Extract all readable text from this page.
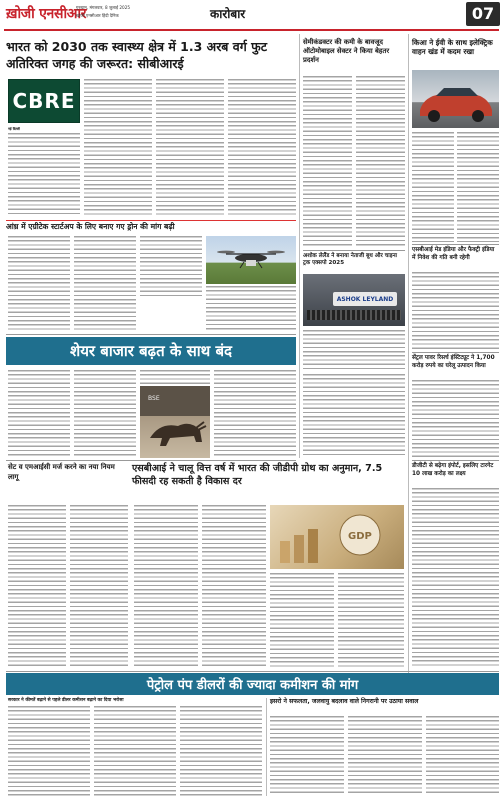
ख़ोजी एनसीआर
गुरुग्राम, मंगलवार, 8 जुलाई 2025
खोजी एनसीआर हिंदी दैनिक	कारोबार	07
भारत को 2030 तक स्वास्थ्य क्षेत्र में 1.3 अरब वर्ग फुट अतिरिक्त जगह की जरूरत: सीबीआरई
CBRE
नई दिल्ली
आंध्र में एग्रीटेक स्टार्टअप के लिए बनाए गए ड्रोन की मांग बढ़ी
शेयर बाजार बढ़त के साथ बंद
BSE
सेट व एमआईसी मर्ज करने का नया नियम लागू
एसबीआई ने चालू वित्त वर्ष में भारत की जीडीपी ग्रोथ का अनुमान, 7.5 फीसदी रह सकती है विकास दर
GDP
सेमीकंडक्टर की कमी के बावजूद ऑटोमोबाइल सेक्टर ने किया बेहतर प्रदर्शन
अशोक लेलैंड ने बनाया नेताजी बूथ और चाइना ट्रक एक्सपो 2025
ASHOK LEYLAND
किआ ने ईवी के साथ इलेक्ट्रिक वाहन खंड में कदम रखा
एसबीआई मेड इंडिया और फैक्ट्री इंडिया में निवेश की गति बनी रहेगी
सेंट्रल पावर रिसर्च इंस्टिट्यूट ने 1,700 करोड़ रुपये का घरेलू उत्पादन किया
डीजीटी से बढ़ेगा इंपोर्ट, इसलिए टारगेट 10 लाख करोड़ का लक्ष्य
पेट्रोल पंप डीलरों की ज्यादा कमीशन की मांग
सरकार ने कीमतें बढ़ाने से पहले डीलर कमीशन बढ़ाने का दिया भरोसा	इसरो ने सफलता, जलवायु बदलाव वाले निगरानी पर उठाया सवाल
